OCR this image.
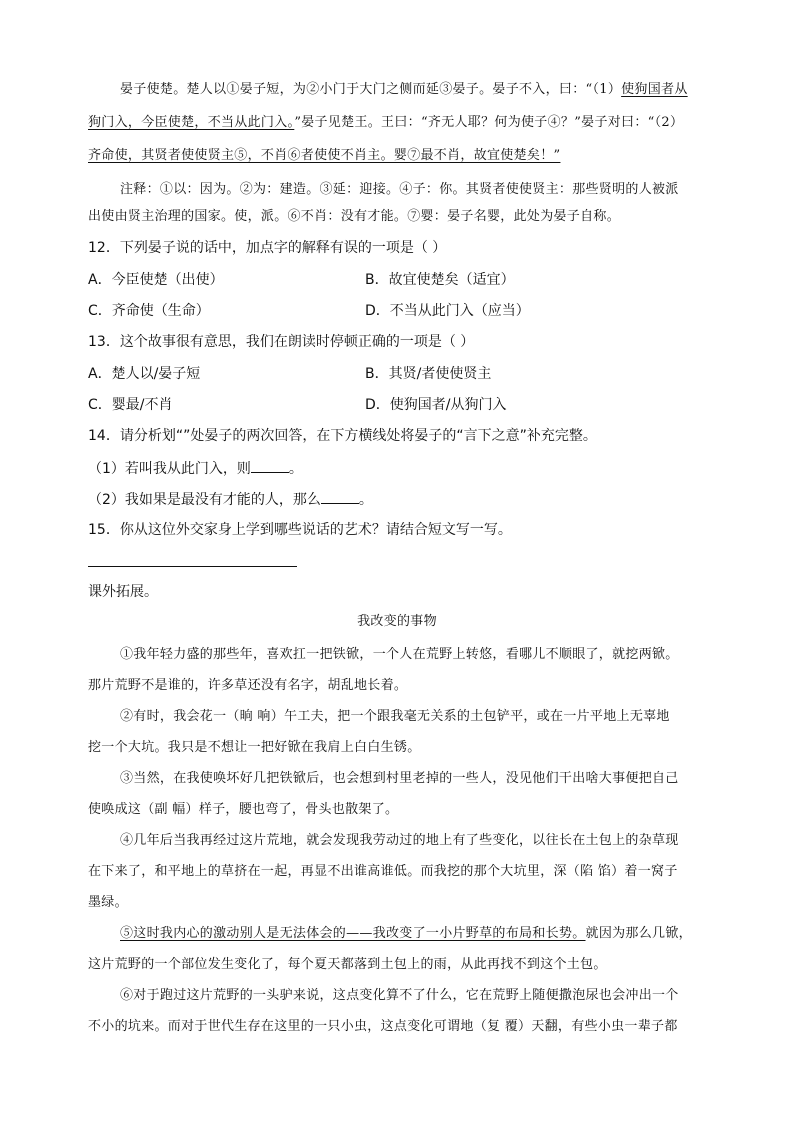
晏子使楚。楚人以①晏子短，为②小门于大门之侧而延③晏子。晏子不入，曰：“（1）使狗国者从
狗门入，今臣使楚，不当从此门入。”晏子见楚王。王曰：“齐无人耶？何为使子④？”晏子对曰：“（2）
齐命使，其贤者使使贤主⑤，不肖⑥者使使不肖主。婴⑦最不肖，故宜使楚矣！”
注释：①以：因为。②为：建造。③延：迎接。④子：你。其贤者使使贤主：那些贤明的人被派
出使由贤主治理的国家。使，派。⑥不肖：没有才能。⑦婴：晏子名婴，此处为晏子自称。
12．下列晏子说的话中，加点字的解释有误的一项是（ ）
A．今臣使楚（出使）	B．故宜使楚矣（适宜）
C．齐命使（生命）	D．不当从此门入（应当）
13．这个故事很有意思，我们在朗读时停顿正确的一项是（ ）
A．楚人以/晏子短	B．其贤/者使使贤主
C．婴最/不肖	D．使狗国者/从狗门入
14．请分析划“”处晏子的两次回答，在下方横线处将晏子的“言下之意”补充完整。
（1）若叫我从此门入，则	。
（2）我如果是最没有才能的人，那么	。
15．你从这位外交家身上学到哪些说话的艺术？请结合短文写一写。
课外拓展。
我改变的事物
①我年轻力盛的那些年，喜欢扛一把铁锨，一个人在荒野上转悠，看哪儿不顺眼了，就挖两锨。
那片荒野不是谁的，许多草还没有名字，胡乱地长着。
②有时，我会花一（晌 响）午工夫，把一个跟我毫无关系的土包铲平，或在一片平地上无辜地
挖一个大坑。我只是不想让一把好锨在我肩上白白生锈。
③当然，在我使唤坏好几把铁锨后，也会想到村里老掉的一些人，没见他们干出啥大事便把自己
使唤成这（副 幅）样子，腰也弯了，骨头也散架了。
④几年后当我再经过这片荒地，就会发现我劳动过的地上有了些变化，以往长在土包上的杂草现
在下来了，和平地上的草挤在一起，再显不出谁高谁低。而我挖的那个大坑里，深（陷 馅）着一窝子
墨绿。
⑤这时我内心的激动别人是无法体会的——我改变了一小片野草的布局和长势。就因为那么几锨，
这片荒野的一个部位发生变化了，每个夏天都落到土包上的雨，从此再找不到这个土包。
⑥对于跑过这片荒野的一头驴来说，这点变化算不了什么，它在荒野上随便撒泡尿也会冲出一个
不小的坑来。而对于世代生存在这里的一只小虫，这点变化可谓地（复 覆）天翻，有些小虫一辈子都
